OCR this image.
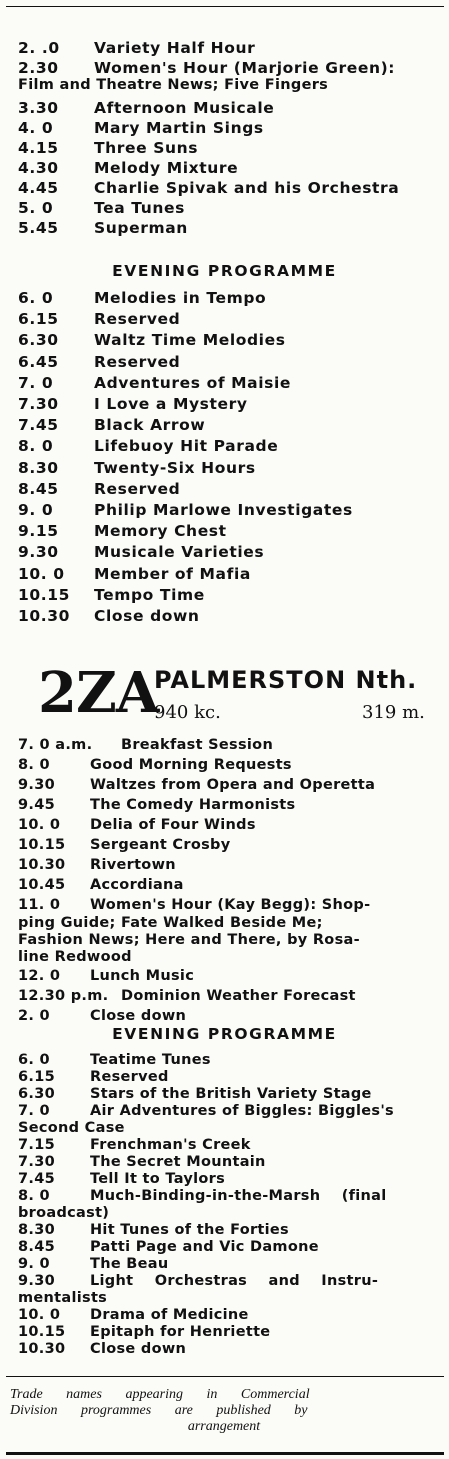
2. .0 Variety Half Hour
2.30 Women's Hour (Marjorie Green):
Film and Theatre News; Five Fingers
3.30 Afternoon Musicale
4. 0	Mary Martin Sings
4.15 Three Suns
4.30 Melody Mixture
4.45 Charlie Spivak and his Orchestra
5. 0	Tea Tunes
5.45 Superman
6. 0	Melodies in Tempo
6.15 Reserved
6.30 Waltz Time Melodies
6.45 Reserved
7. 0	Adventures of Maisie
7.30 I Love a Mystery
7.45 Black Arrow
8. 0	Lifebuoy Hit Parade
8.30 Twenty-Six Hours
8.45 Reserved
9. 0	Philip Marlowe Investigates
9.15 Memory Chest
9.30 Musicale Varieties
10. 0 Member of Mafia
10.15 Tempo Time
10.30 Close down
7. 0 a.m. Breakfast Session
8. 0	Good Morning Requests
9.30 Waltzes from Opera and Operetta
9.45 The Comedy Harmonists
10. 0 Delia of Four Winds
10.15 Sergeant Crosby
10.30 Rivertown
10.45 Accordiana
11. 0 Women's Hour (Kay Begg): Shop-
ping Guide; Fate Walked Beside Me;
Fashion News; Here and There, by Rosa-
line Redwood
12. 0 Lunch Music
12.30 p.m. Dominion Weather Forecast
2. 0	Close down
6. 0	Teatime Tunes
6.15 Reserved
6.30 Stars of the British Variety Stage
7. 0	Air Adventures of Biggles: Biggles's
Second Case
7.15 Frenchman's Creek
7.30 The Secret Mountain
7.45 Tell It to Taylors
8. 0	Much-Binding-in-the-Marsh    (final
broadcast)
8.30 Hit Tunes of the Forties
8.45 Patti Page and Vic Damone
9. 0	The Beau
9.30 Light    Orchestras    and    Instru-
mentalists
10. 0 Drama of Medicine
10.15 Epitaph for Henriette
10.30 Close down
EVENING PROGRAMME
2ZA
PALMERSTON Nth.
940 kc.	319 m.
EVENING PROGRAMME
Trade names appearing in Commercial
Division programmes are published by
arrangement
